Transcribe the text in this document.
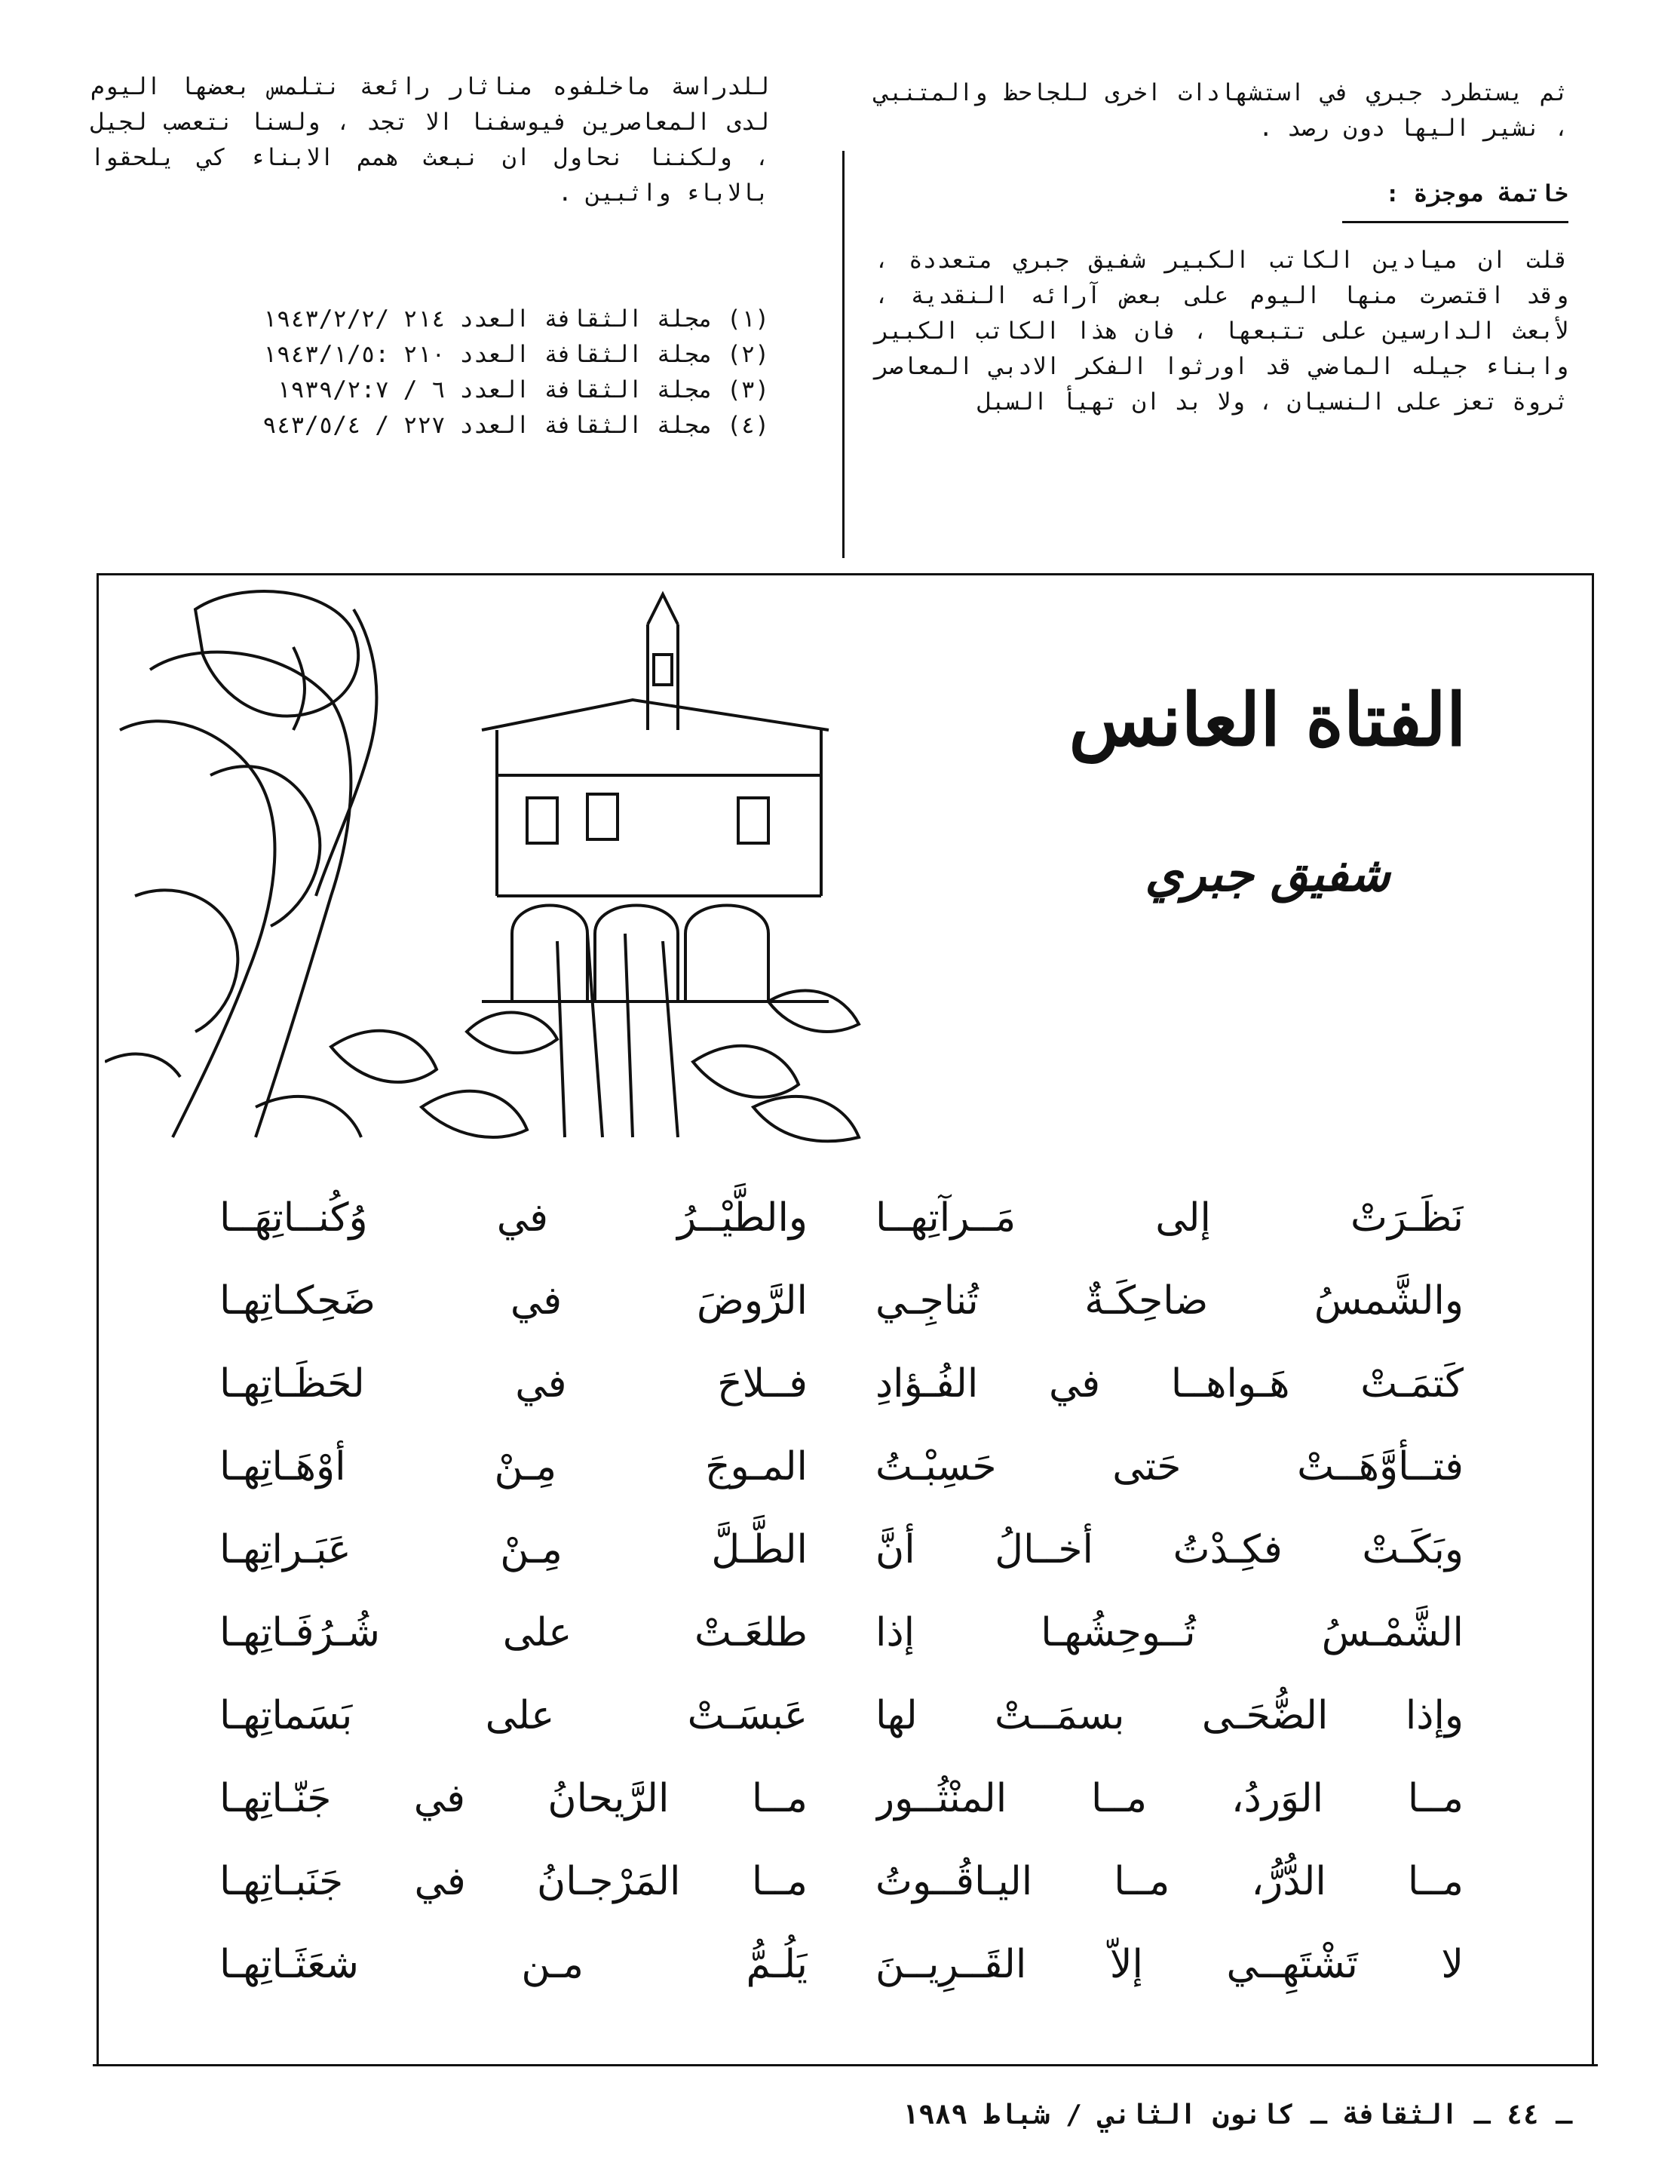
ثم يستطرد جبري في استشهادات اخرى للجاحظ والمتنبي ، نشير اليها دون رصد .

خاتمة موجزة :

قلت ان ميادين الكاتب الكبير شفيق جبري متعددة ، وقد اقتصرت منها اليوم على بعض آرائه النقدية ، لأبعث الدارسين على تتبعها ، فان هذا الكاتب الكبير وابناء جيله الماضي قد اورثوا الفكر الادبي المعاصر ثروة تعز على النسيان ، ولا بد ان تهيأ السبل

للدراسة ماخلفوه مناثار رائعة نتلمس بعضها اليوم لدى المعاصرين فيوسفنا الا تجد ، ولسنا نتعصب لجيل ، ولكننا نحاول ان نبعث همم الابناء كي يلحقوا بالاباء واثبين .

(١) مجلة الثقافة العدد ٢١٤ /١٩٤٣/٢/٢
(٢) مجلة الثقافة العدد ٢١٠ :١٩٤٣/١/٥
(٣) مجلة الثقافة العدد ٦ / ١٩٣٩/٢:٧
(٤) مجلة الثقافة العدد ٢٢٧ / ٩٤٣/٥/٤
الفتاة العانس

شفيق جبري

نَظَـرَتْ إلى مَــرآتِهــا
والطَّيْــرُ في وُكُنــاتِهَــا
والشَّمسُ ضاحِكَـةٌ تُناجِـي
الرَّوضَ في ضَحِكـاتِهـا
كَتمَـتْ هَـواهــا في الفُـؤادِ
فــلاحَ في لحَظَـاتِهـا
فتــأوَّهَــتْ حَتى حَسِبْـتُ
المـوجَ مِـنْ أوْهَـاتِهـا
وبَكَـتْ فكِـدْتُ أخــالُ أنَّ
الطَّـلَّ مِـنْ عَبَـراتِهـا
الشَّمْـسُ تُــوحِشُهـا إذا
طلعَـتْ على شُـرُفَـاتِهـا
وإذا الضُّحَـى بسمَــتْ لها
عَبسَـتْ على بَسَماتِهـا
مــا الوَردُ، مــا المنْثُــور
مــا الرَّيحانُ في جَنّـاتِهـا
مــا الدُّرُّ، مــا اليـاقُــوتُ
مــا المَرْجـانُ في جَنَبـاتِهـا
لا تَشْتَهِــي إلاّ القَــرِيــنَ
يَلُـمُّ مـن شعَثَـاتِهـا
ـ ٤٤ ـ الثقافة ـ كانون الثاني / شباط ١٩٨٩
